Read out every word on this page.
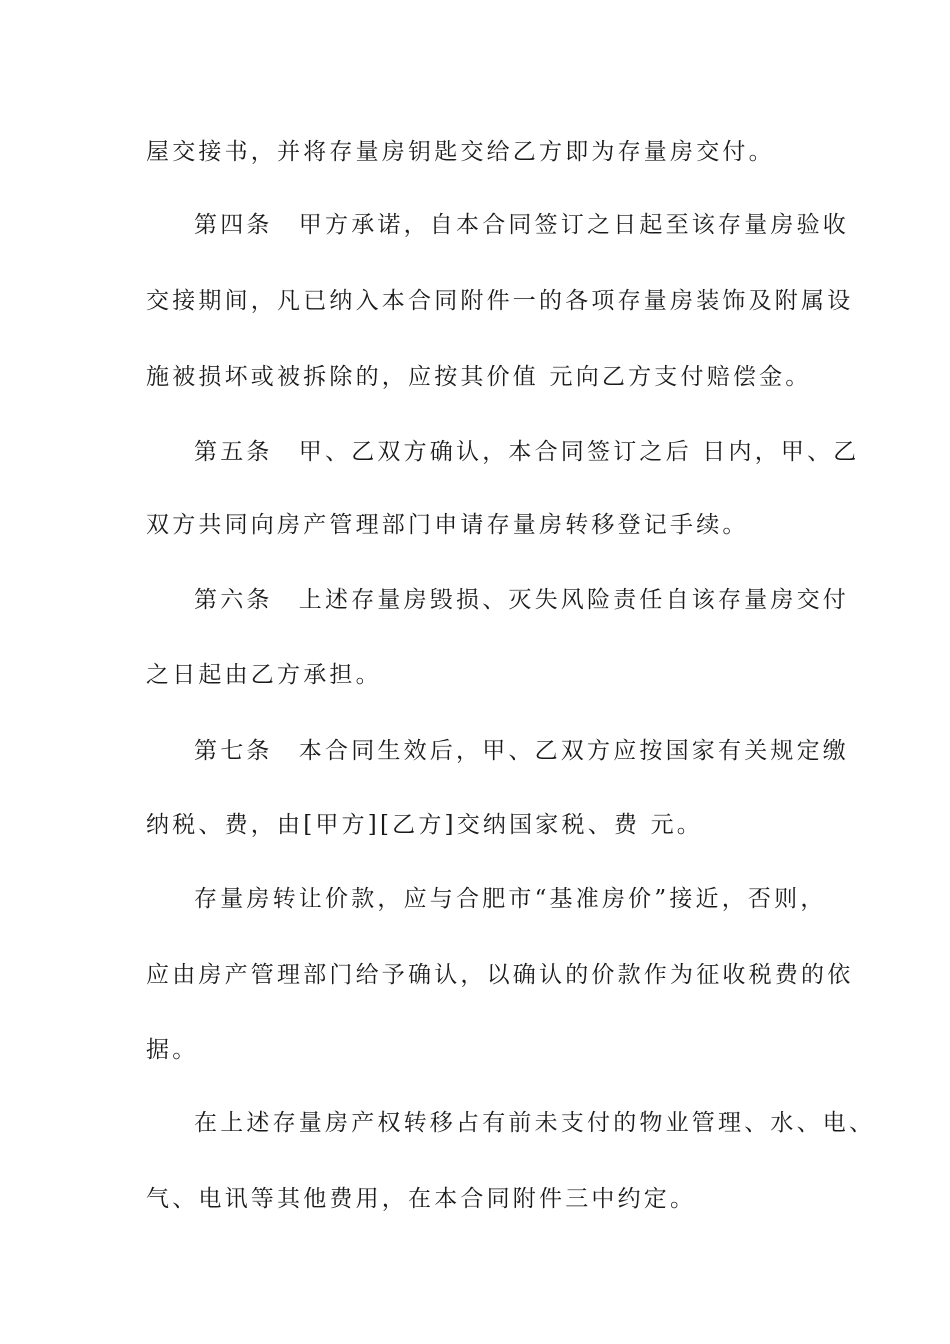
屋交接书，并将存量房钥匙交给乙方即为存量房交付。
第四条　甲方承诺，自本合同签订之日起至该存量房验收
交接期间，凡已纳入本合同附件一的各项存量房装饰及附属设
施被损坏或被拆除的，应按其价值 元向乙方支付赔偿金。
第五条　甲、乙双方确认，本合同签订之后 日内，甲、乙
双方共同向房产管理部门申请存量房转移登记手续。
第六条　上述存量房毁损、灭失风险责任自该存量房交付
之日起由乙方承担。
第七条　本合同生效后，甲、乙双方应按国家有关规定缴
纳税、费，由[甲方][乙方]交纳国家税、费 元。
存量房转让价款，应与合肥市“基准房价”接近，否则，
应由房产管理部门给予确认，以确认的价款作为征收税费的依
据。
在上述存量房产权转移占有前未支付的物业管理、水、电、
气、电讯等其他费用，在本合同附件三中约定。
